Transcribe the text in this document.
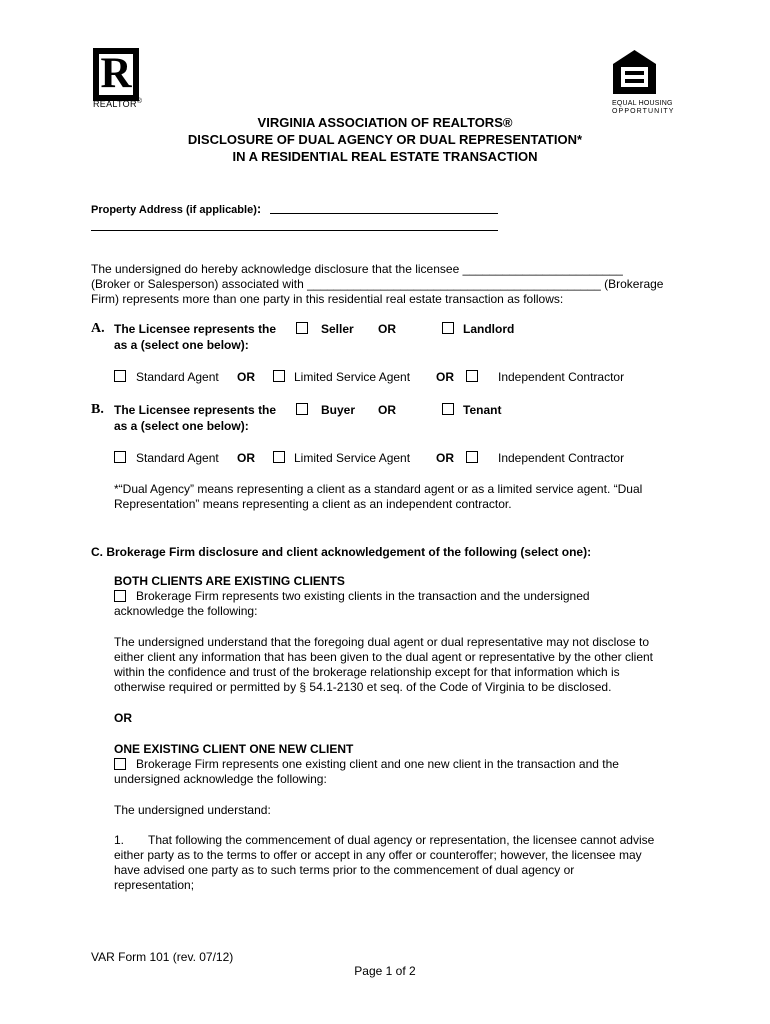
R
REALTOR®	EQUAL HOUSING
OPPORTUNITY
VIRGINIA ASSOCIATION OF REALTORS®
DISCLOSURE OF DUAL AGENCY OR DUAL REPRESENTATION*
IN A RESIDENTIAL REAL ESTATE TRANSACTION
Property Address (if applicable):
The undersigned do hereby acknowledge disclosure that the licensee ________________________
(Broker or Salesperson) associated with ____________________________________________ (Brokerage
Firm) represents more than one party in this residential real estate transaction as follows:
A. The Licensee represents the
as a (select one below):
Seller OR	Landlord
Standard Agent OR	Limited Service Agent OR	Independent Contractor
B. The Licensee represents the
as a (select one below):
Buyer OR	Tenant
Standard Agent OR	Limited Service Agent OR	Independent Contractor
*“Dual Agency” means representing a client as a standard agent or as a limited service agent. “Dual
Representation” means representing a client as an independent contractor.
C. Brokerage Firm disclosure and client acknowledgement of the following (select one):
BOTH CLIENTS ARE EXISTING CLIENTS
Brokerage Firm represents two existing clients in the transaction and the undersigned
acknowledge the following:
The undersigned understand that the foregoing dual agent or dual representative may not disclose to
either client any information that has been given to the dual agent or representative by the other client
within the confidence and trust of the brokerage relationship except for that information which is
otherwise required or permitted by § 54.1-2130 et seq. of the Code of Virginia to be disclosed.
OR
ONE EXISTING CLIENT ONE NEW CLIENT
Brokerage Firm represents one existing client and one new client in the transaction and the
undersigned acknowledge the following:
The undersigned understand:
1. That following the commencement of dual agency or representation, the licensee cannot advise
either party as to the terms to offer or accept in any offer or counteroffer; however, the licensee may
have advised one party as to such terms prior to the commencement of dual agency or
representation;
VAR Form 101 (rev. 07/12)
Page 1 of 2
